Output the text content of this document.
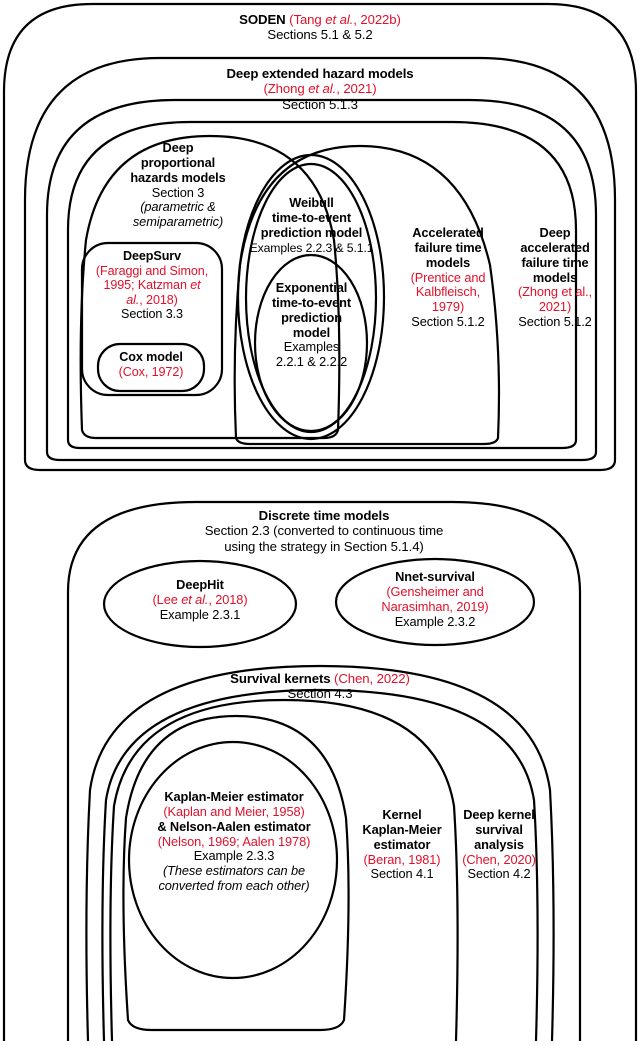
SODEN (Tang et al., 2022b)
Sections 5.1 & 5.2
Deep extended hazard models
(Zhong et al., 2021)
Section 5.1.3
Deep
proportional
hazards models
Section 3
(parametric &
semiparametric)
DeepSurv
(Faraggi and Simon,
1995; Katzman et
al., 2018)
Section 3.3
Cox model
(Cox, 1972)
Weibull
time-to-event
prediction model
Examples 2.2.3 & 5.1.1
Exponential
time-to-event
prediction
model
Examples
2.2.1 & 2.2.2
Accelerated
failure time
models
(Prentice and
Kalbfleisch,
1979)
Section 5.1.2
Deep
accelerated
failure time
models
(Zhong et al.,
2021)
Section 5.1.2
Discrete time models
Section 2.3 (converted to continuous time
using the strategy in Section 5.1.4)
DeepHit
(Lee et al., 2018)
Example 2.3.1
Nnet-survival
(Gensheimer and
Narasimhan, 2019)
Example 2.3.2
Survival kernets (Chen, 2022)
Section 4.3
Kaplan-Meier estimator
(Kaplan and Meier, 1958)
& Nelson-Aalen estimator
(Nelson, 1969; Aalen 1978)
Example 2.3.3
(These estimators can be
converted from each other)
Kernel
Kaplan-Meier
estimator
(Beran, 1981)
Section 4.1
Deep kernel
survival
analysis
(Chen, 2020)
Section 4.2
